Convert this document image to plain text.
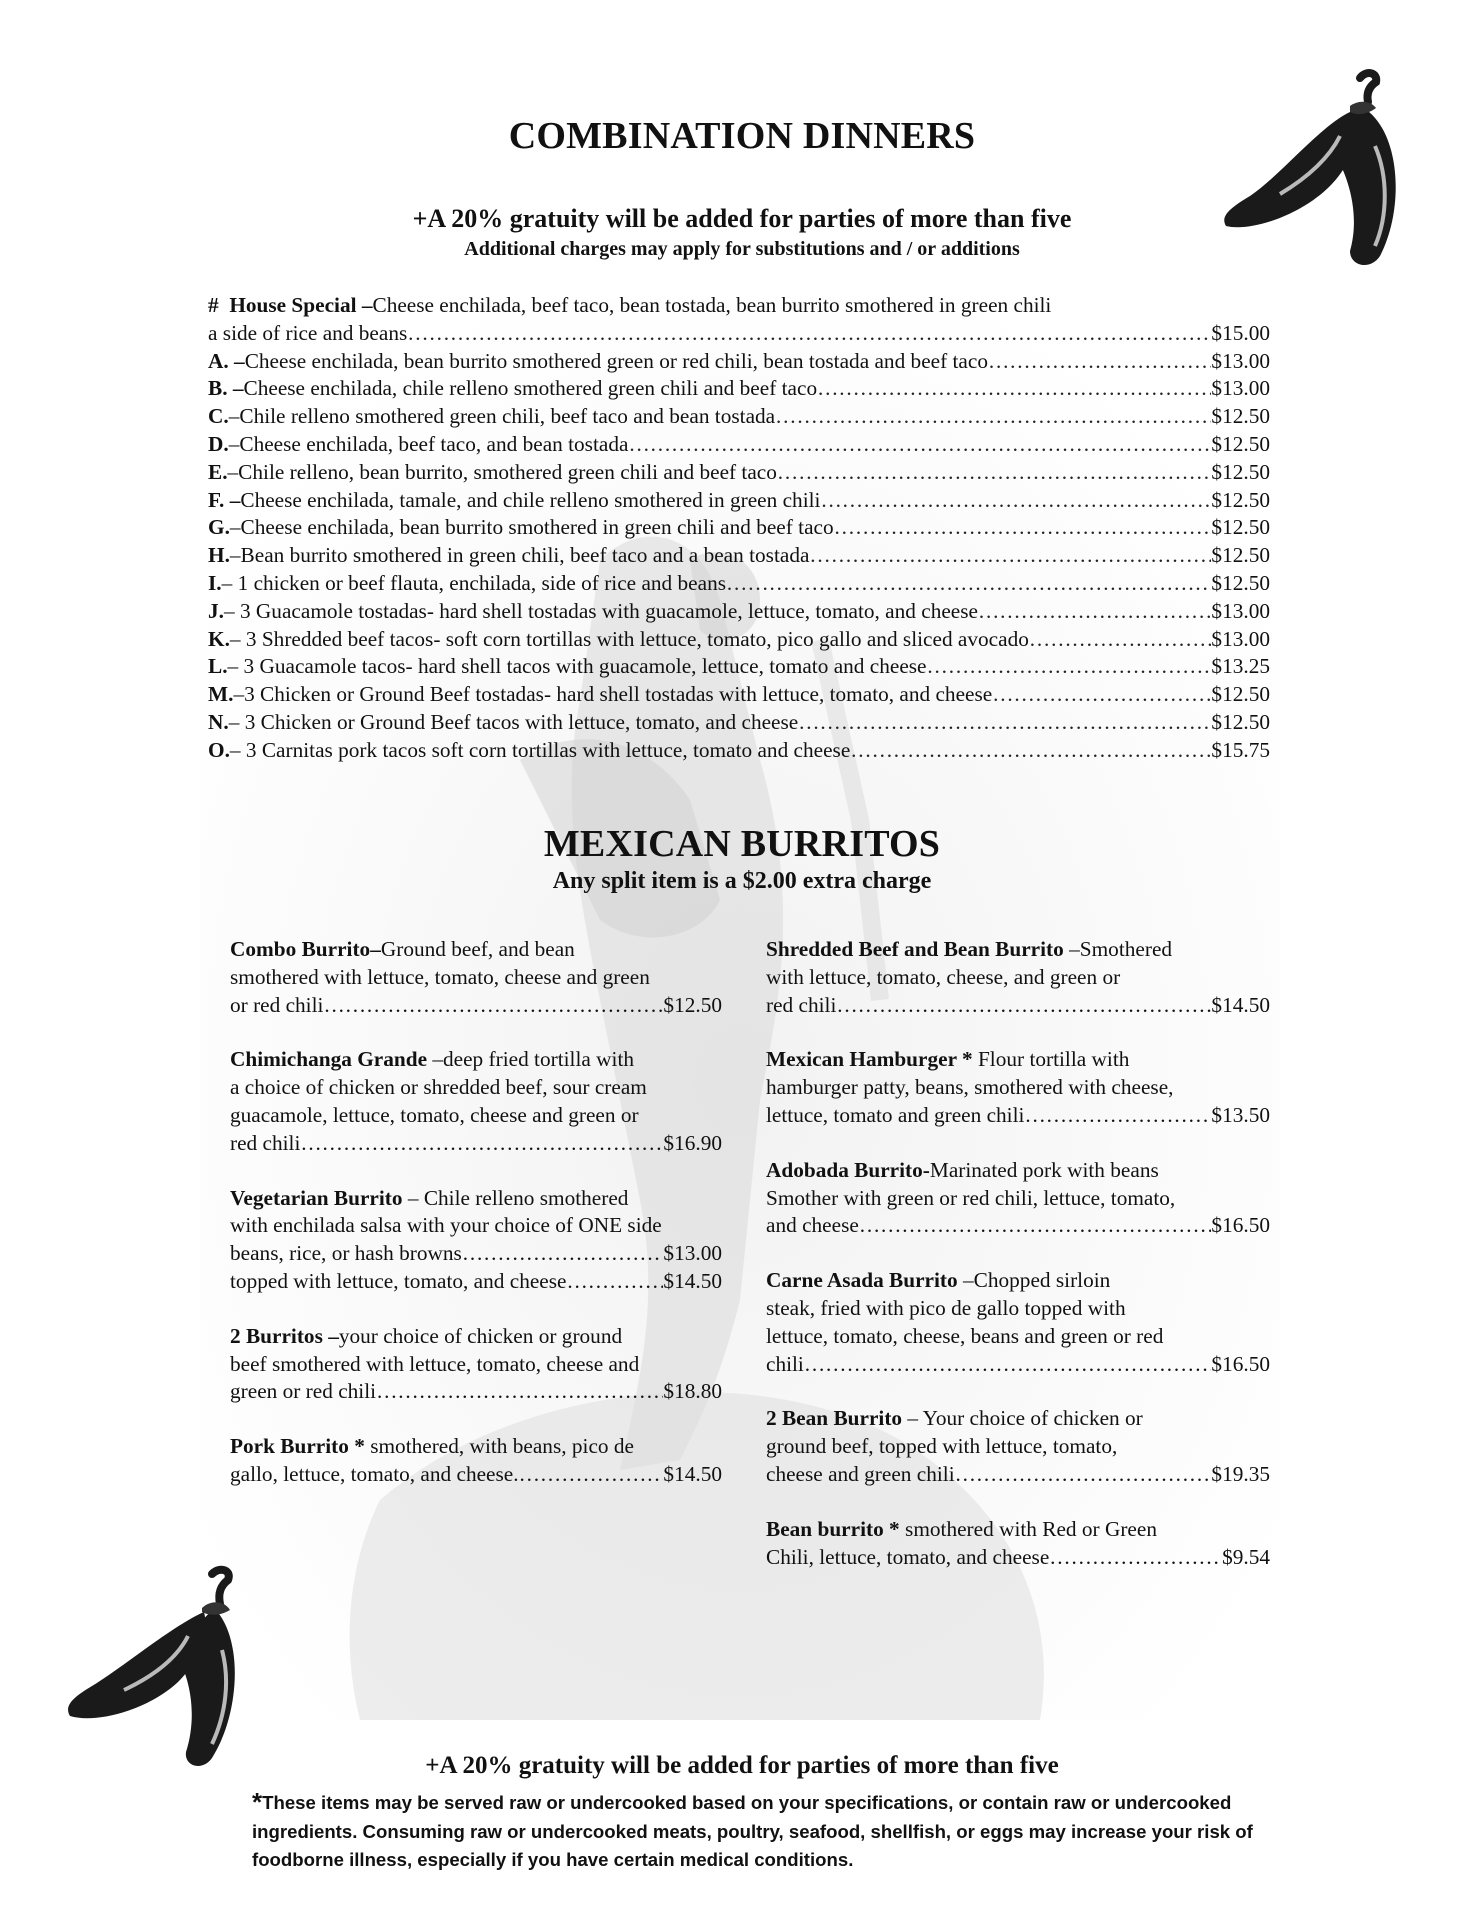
COMBINATION DINNERS
+A 20% gratuity will be added for parties of more than five
Additional charges may apply for substitutions and / or additions
#
House Special – Cheese enchilada, beef taco, bean tostada, bean burrito smothered in green chili
a side of rice and beans ……………………………………………………………………………………………………………………………………………………………………………	$15.00
A. – Cheese enchilada, bean burrito smothered green or red chili, bean tostada and beef taco ……………………………………………………………………………………………………………………………………………………………………………	$13.00
B. – Cheese enchilada, chile relleno smothered green chili and beef taco ……………………………………………………………………………………………………………………………………………………………………………	$13.00
C. –Chile relleno smothered green chili, beef taco and bean tostada ……………………………………………………………………………………………………………………………………………………………………………	$12.50
D. –Cheese enchilada, beef taco, and bean tostada ……………………………………………………………………………………………………………………………………………………………………………	$12.50
E. –Chile relleno, bean burrito, smothered green chili and beef taco ……………………………………………………………………………………………………………………………………………………………………………	$12.50
F. – Cheese enchilada, tamale, and chile relleno smothered in green chili ……………………………………………………………………………………………………………………………………………………………………………	$12.50
G. –Cheese enchilada, bean burrito smothered in green chili and beef taco ……………………………………………………………………………………………………………………………………………………………………………	$12.50
H. –Bean burrito smothered in green chili, beef taco and a bean tostada ……………………………………………………………………………………………………………………………………………………………………………	$12.50
I. – 1 chicken or beef flauta, enchilada, side of rice and beans ……………………………………………………………………………………………………………………………………………………………………………	$12.50
J. – 3 Guacamole tostadas- hard shell tostadas with guacamole, lettuce, tomato, and cheese ……………………………………………………………………………………………………………………………………………………………………………	$13.00
K. – 3 Shredded beef tacos- soft corn tortillas with lettuce, tomato, pico gallo and sliced avocado ……………………………………………………………………………………………………………………………………………………………………………	$13.00
L. – 3 Guacamole tacos- hard shell tacos with guacamole, lettuce, tomato and cheese ……………………………………………………………………………………………………………………………………………………………………………	$13.25
M. –3 Chicken or Ground Beef tostadas- hard shell tostadas with lettuce, tomato, and cheese ……………………………………………………………………………………………………………………………………………………………………………	$12.50
N. – 3 Chicken or Ground Beef tacos with lettuce, tomato, and cheese ……………………………………………………………………………………………………………………………………………………………………………	$12.50
O. – 3 Carnitas pork tacos soft corn tortillas with lettuce, tomato and cheese ……………………………………………………………………………………………………………………………………………………………………………	$15.75
MEXICAN BURRITOS
Any split item is a $2.00 extra charge
Combo Burrito–Ground beef, and bean
smothered with lettuce, tomato, cheese and green
or red chili ………………………………………………………………………………………………………………	$12.50
Chimichanga Grande –deep fried tortilla with
a choice of chicken or shredded beef, sour cream
guacamole, lettuce, tomato, cheese and green or
red chili ………………………………………………………………………………………………………………	$16.90
Vegetarian Burrito – Chile relleno smothered
with enchilada salsa with your choice of ONE side
beans, rice, or hash browns ………………………………………………………………………………………………………………	$13.00
topped with lettuce, tomato, and cheese ………………………………………………………………………………………………………………	$14.50
2 Burritos –your choice of chicken or ground
beef smothered with lettuce, tomato, cheese and
green or red chili ………………………………………………………………………………………………………………	$18.80
Pork Burrito * smothered, with beans, pico de
gallo, lettuce, tomato, and cheese. ………………………………………………………………………………………………………………	$14.50
Shredded Beef and Bean Burrito –Smothered
with lettuce, tomato, cheese, and green or
red chili ………………………………………………………………………………………………………………	$14.50
Mexican Hamburger * Flour tortilla with
hamburger patty, beans, smothered with cheese,
lettuce, tomato and green chili ………………………………………………………………………………………………………………	$13.50
Adobada Burrito-Marinated pork with beans
Smother with green or red chili, lettuce, tomato,
and cheese ………………………………………………………………………………………………………………	$16.50
Carne Asada Burrito –Chopped sirloin
steak, fried with pico de gallo topped with
lettuce, tomato, cheese, beans and green or red
chili ………………………………………………………………………………………………………………	$16.50
2 Bean Burrito – Your choice of chicken or
ground beef, topped with lettuce, tomato,
cheese and green chili ………………………………………………………………………………………………………………	$19.35
Bean burrito * smothered with Red or Green
Chili, lettuce, tomato, and cheese ………………………………………………………………………………………………………………	$9.54
+A 20% gratuity will be added for parties of more than five
*These items may be served raw or undercooked based on your specifications, or contain raw or undercooked ingredients. Consuming raw or undercooked meats, poultry, seafood, shellfish, or eggs may increase your risk of foodborne illness, especially if you have certain medical conditions.
